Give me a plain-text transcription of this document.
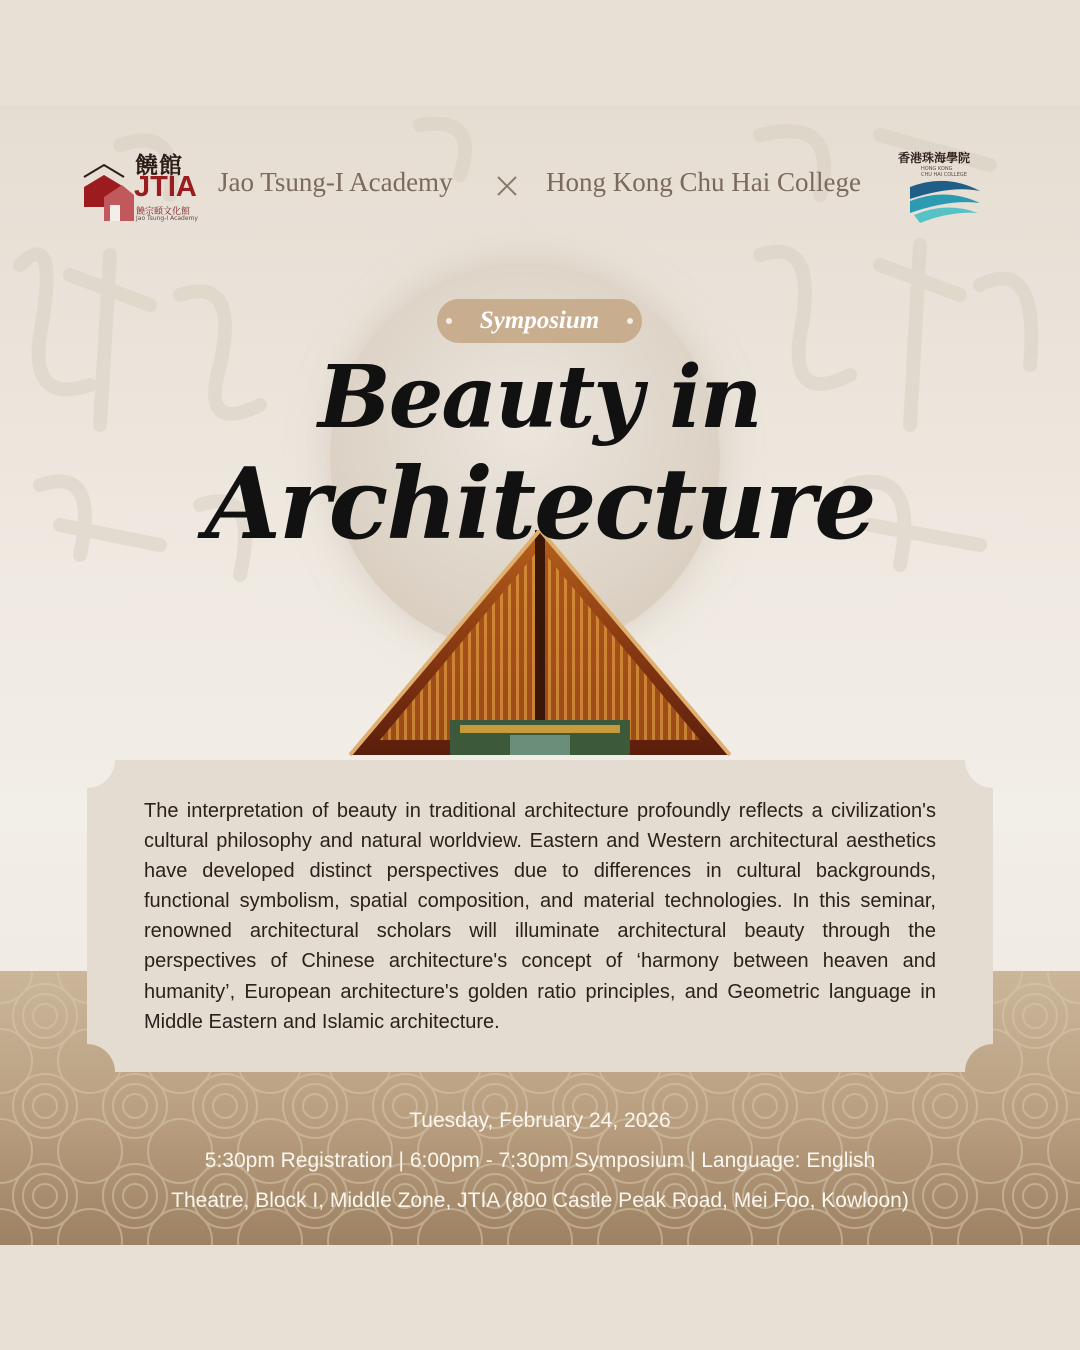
饒館
JTIA
饒宗頤文化館
Jao Tsung-I Academy
Jao Tsung-I Academy	Hong Kong Chu Hai College
香港珠海學院
HONG KONG
CHU HAI COLLEGE
Symposium
Beauty in
Architecture
The interpretation of beauty in traditional architecture profoundly reflects a civilization's cultural philosophy and natural worldview. Eastern and Western architectural aesthetics have developed distinct perspectives due to differences in cultural backgrounds, functional symbolism, spatial composition, and material technologies. In this seminar, renowned architectural scholars will illuminate architectural beauty through the perspectives of Chinese architecture's concept of ‘harmony between heaven and humanity’, European architecture's golden ratio principles, and Geometric language in Middle Eastern and Islamic architecture.
Tuesday, February 24, 2026
5:30pm Registration | 6:00pm - 7:30pm Symposium | Language: English
Theatre, Block I, Middle Zone, JTIA (800 Castle Peak Road, Mei Foo, Kowloon)
